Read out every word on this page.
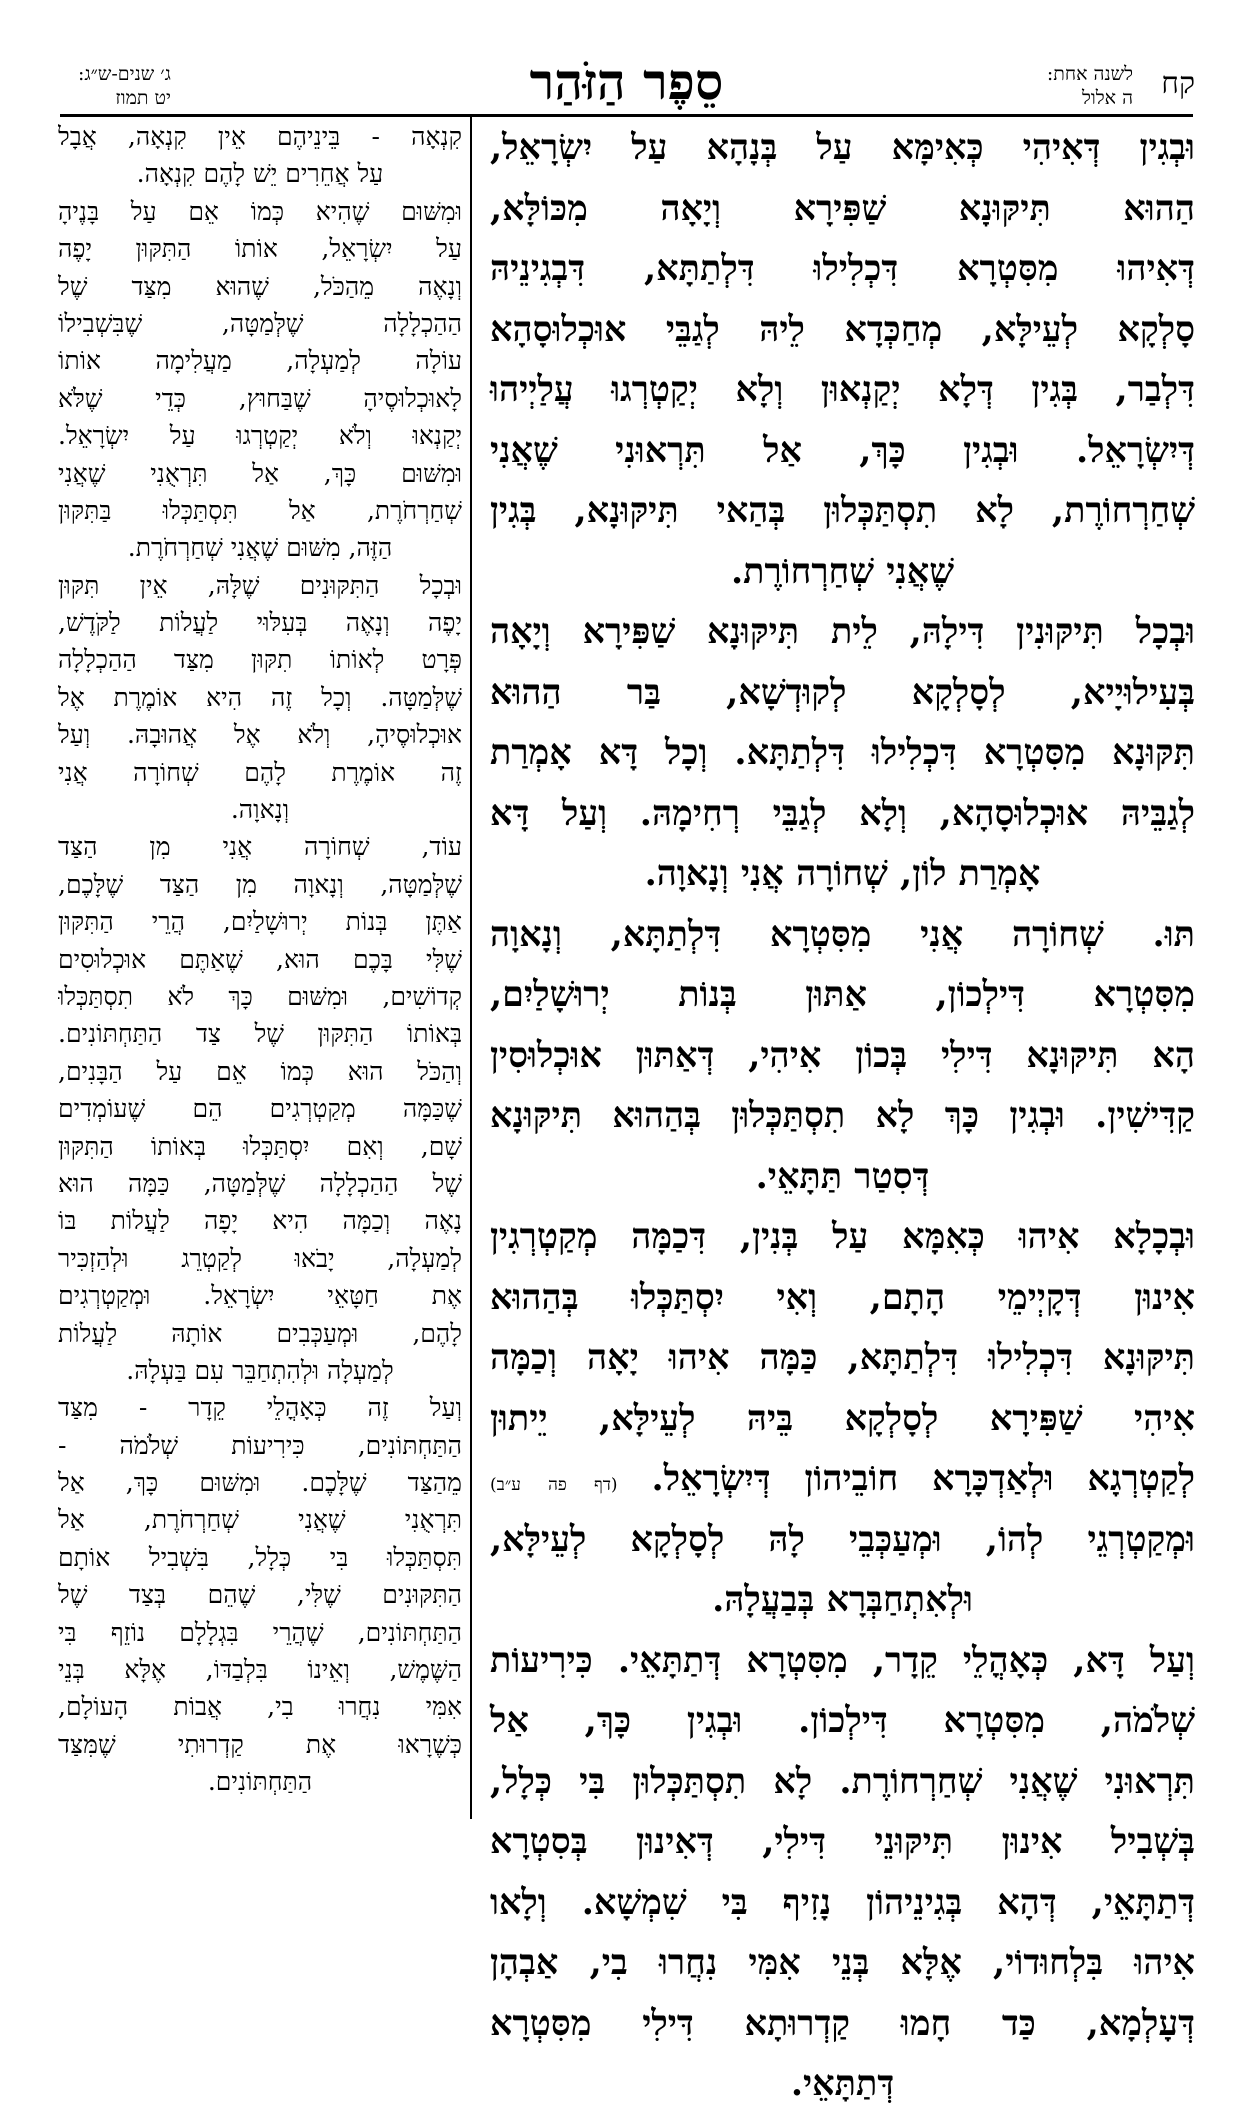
קח
לשנה אחת:
ה אלול
סֵפֶר הַזֹּהַר
ג׳ שנים-ש״ג:
יט תמוז
וּבְגִין דְּאִיהִי כְּאִימָּא עַל בְּנָהָא עַל יִשְׂרָאֵל,
הַהוּא תִּיקּוּנָא שַׁפִּירָא וְיָאָה מִכּוֹלָּא,
דְּאִיהוּ מִסִּטְרָא דִּכְלִילוּ דִּלְתַתָּא, דִּבְגִינֵיהּ
סָלְקָא לְעֵילָּא, מְחַכְּדָא לֵיהּ לְגַבֵּי אוּכְלוּסָהָא
דִּלְבַר, בְּגִין דְּלָא יְקַנְאוּן וְלָא יְקַטְרְגוּ עֲלַיְיהוּ
דְּיִשְׂרָאֵל. וּבְגִין כָּךְ, אַל תִּרְאוּנִי שֶׁאֲנִי
שְׁחַרְחוֹרֶת, לָא תִסְתַּכְּלוּן בְּהַאי תִּיקּוּנָא, בְּגִין
שֶׁאֲנִי שְׁחַרְחוֹרֶת.
וּבְכָל תִּיקּוּנִין דִּילָהּ, לֵית תִּיקּוּנָא שַׁפִּירָא וְיָאָה
בְּעִילוּיָיא, לְסָלְקָא לְקוּדְשָׁא, בַּר הַהוּא
תִּקּוּנָא מִסִּטְרָא דִּכְלִילוּ דִּלְתַתָּא. וְכָל דָּא אָמְרַת
לְגַבֵּיהּ אוּכְלוּסָהָא, וְלָא לְגַבֵּי רְחִימָהּ. וְעַל דָּא
אָמְרַת לוֹן, שְׁחוֹרָה אֲנִי וְנָאוָה.
תּוּ. שְׁחוֹרָה אֲנִי מִסִּטְרָא דִּלְתַתָּא, וְנָאוָה
מִסִּטְרָא דִּילְכוֹן, אַתּוּן בְּנוֹת יְרוּשָׁלַיִם,
הָא תִּיקּוּנָא דִּילִי בְּכוֹן אִיהִי, דְּאַתּוּן אוּכְלוּסִין
קַדִּישִׁין. וּבְגִין כָּךְ לָא תִסְתַּכְּלוּן בְּהַהוּא תִּיקּוּנָא
דְּסִטַר תַּתָּאֵי.
וּבְכָלָא אִיהוּ כְּאִמָּא עַל בְּנִין, דִּכַמָּה מְקַטְרְגִין
אִינוּן דְּקָיְימֵי הָתָם, וְאִי יִסְתַּכְּלוּ בְּהַהוּא
תִּיקּוּנָא דִּכְלִילוּ דִּלְתַתָּא, כַּמָּה אִיהוּ יָאָה וְכַמָּה
אִיהִי שַׁפִּירָא לְסָלְקָא בֵּיהּ לְעֵילָּא, יֵיתוּן
לְקַטְרְגָא וּלְאַדְכָּרָא חוֹבֵיהוֹן דְּיִשְׂרָאֵל. (דף פה ע״ב)
וּמְקַטְרְגֵי לְהוֹ, וּמְעַכְּבֵי לָהּ לְסָלְקָא לְעֵילָּא,
וּלְאִתְחַבְּרָא בְּבַעֲלָהּ.
וְעַל דָּא, כְּאָהֳלֵי קֵדָר, מִסִּטְרָא דְּתַתָּאֵי. כִּירִיעוֹת
שְׁלֹמֹה, מִסִּטְרָא דִּילְכוֹן. וּבְגִין כָּךְ, אַל
תִּרְאוּנִי שֶׁאֲנִי שְׁחַרְחוֹרֶת. לָא תִסְתַּכְּלוּן בִּי כְּלָל,
בְּשְׁבִיל אִינוּן תִּיקּוּנֵי דִּילִי, דְּאִינוּן בְּסִטְרָא
דְּתַתָּאֵי, דְּהָא בְּגִינֵיהוֹן נָזִיף בִּי שִׁמְשָׁא. וְלָאו
אִיהוּ בִּלְחוּדוֹי, אֶלָּא בְּנֵי אִמִּי נִחֲרוּ בִי, אַבְהָן
דְּעָלְמָא, כַּד חָמוּ קַדְרוּתָא דִּילִי מִסִּטְרָא
דְּתַתָּאֵי.
קִנְאָה - בֵּינֵיהֶם אֵין קִנְאָה, אֲבָל
עַל אֲחֵרִים יֵשׁ לָהֶם קִנְאָה.
וּמִשּׁוּם שֶׁהִיא כְּמוֹ אֵם עַל בָּנֶיהָ
עַל יִשְׂרָאֵל, אוֹתוֹ הַתִּקּוּן יָפֶה
וְנָאֶה מֵהַכֹּל, שֶׁהוּא מִצַּד שֶׁל
הַהַכְלָלָה שֶׁלְּמַטָּה, שֶׁבִּשְׁבִילוֹ
עוֹלָה לְמַעְלָה, מַעֲלִימָה אוֹתוֹ
לָאוּכְלוּסֶיהָ שֶׁבַּחוּץ, כְּדֵי שֶׁלֹּא
יְקַנְאוּ וְלֹא יְקַטְרְגוּ עַל יִשְׂרָאֵל.
וּמִשּׁוּם כָּךְ, אַל תִּרְאֻנִי שֶׁאֲנִי
שְׁחַרְחֹרֶת, אַל תִּסְתַּכְּלוּ בַּתִּקּוּן
הַזֶּה, מִשּׁוּם שֶׁאֲנִי שְׁחַרְחֹרֶת.
וּבְכָל הַתִּקּוּנִים שֶׁלָּהּ, אֵין תִּקּוּן
יָפֶה וְנָאֶה בְּעִלּוּי לַעֲלוֹת לַקֹּדֶשׁ,
פְּרָט לְאוֹתוֹ תִקּוּן מִצַּד הַהַכְלָלָה
שֶׁלְּמַטָּה. וְכָל זֶה הִיא אוֹמֶרֶת אֶל
אוּכְלוּסֶיהָ, וְלֹא אֶל אֲהוּבָהּ. וְעַל
זֶה אוֹמֶרֶת לָהֶם שְׁחוֹרָה אֲנִי
וְנָאוָה.
עוֹד, שְׁחוֹרָה אֲנִי מִן הַצַּד
שֶׁלְּמַטָּה, וְנָאוָה מִן הַצַּד שֶׁלָּכֶם,
אַתֶּן בְּנוֹת יְרוּשָׁלַיִם, הֲרֵי הַתִּקּוּן
שֶׁלִּי בָּכֶם הוּא, שֶׁאַתֶּם אוּכְלוּסִים
קְדוֹשִׁים, וּמִשּׁוּם כָּךְ לֹא תִסְתַּכְּלוּ
בְּאוֹתוֹ הַתִּקּוּן שֶׁל צַד הַתַּחְתּוֹנִים.
וְהַכֹּל הוּא כְּמוֹ אֵם עַל הַבָּנִים,
שֶׁכַּמָּה מְקַטְרְגִים הֵם שֶׁעוֹמְדִים
שָׁם, וְאִם יִסְתַּכְּלוּ בְּאוֹתוֹ הַתִּקּוּן
שֶׁל הַהַכְלָלָה שֶׁלְּמַטָּה, כַּמָּה הוּא
נָאֶה וְכַמָּה הִיא יָפָה לַעֲלוֹת בּוֹ
לְמַעְלָה, יָבֹאוּ לְקַטְרֵג וּלְהַזְכִּיר
אֶת חַטָּאֵי יִשְׂרָאֵל. וּמְקַטְרְגִים
לָהֶם, וּמְעַכְּבִים אוֹתָהּ לַעֲלוֹת
לְמַעְלָה וּלְהִתְחַבֵּר עִם בַּעְלָהּ.
וְעַל זֶה כְּאָהֳלֵי קֵדָר - מִצַּד
הַתַּחְתּוֹנִים, כִּירִיעוֹת שְׁלֹמֹה -
מֵהַצַּד שֶׁלָּכֶם. וּמִשּׁוּם כָּךְ, אַל
תִּרְאֻנִי שֶׁאֲנִי שְׁחַרְחֹרֶת, אַל
תִּסְתַּכְּלוּ בִּי כְּלָל, בִּשְׁבִיל אוֹתָם
הַתִּקּוּנִים שֶׁלִּי, שֶׁהֵם בְּצַד שֶׁל
הַתַּחְתּוֹנִים, שֶׁהֲרֵי בִּגְלָלָם נוֹזֵף בִּי
הַשֶּׁמֶשׁ, וְאֵינוֹ בִּלְבַדּוֹ, אֶלָּא בְּנֵי
אִמִּי נִחֲרוּ בִי, אֲבוֹת הָעוֹלָם,
כְּשֶׁרָאוּ אֶת קַדְרוּתִי שֶׁמִּצַּד
הַתַּחְתּוֹנִים.
